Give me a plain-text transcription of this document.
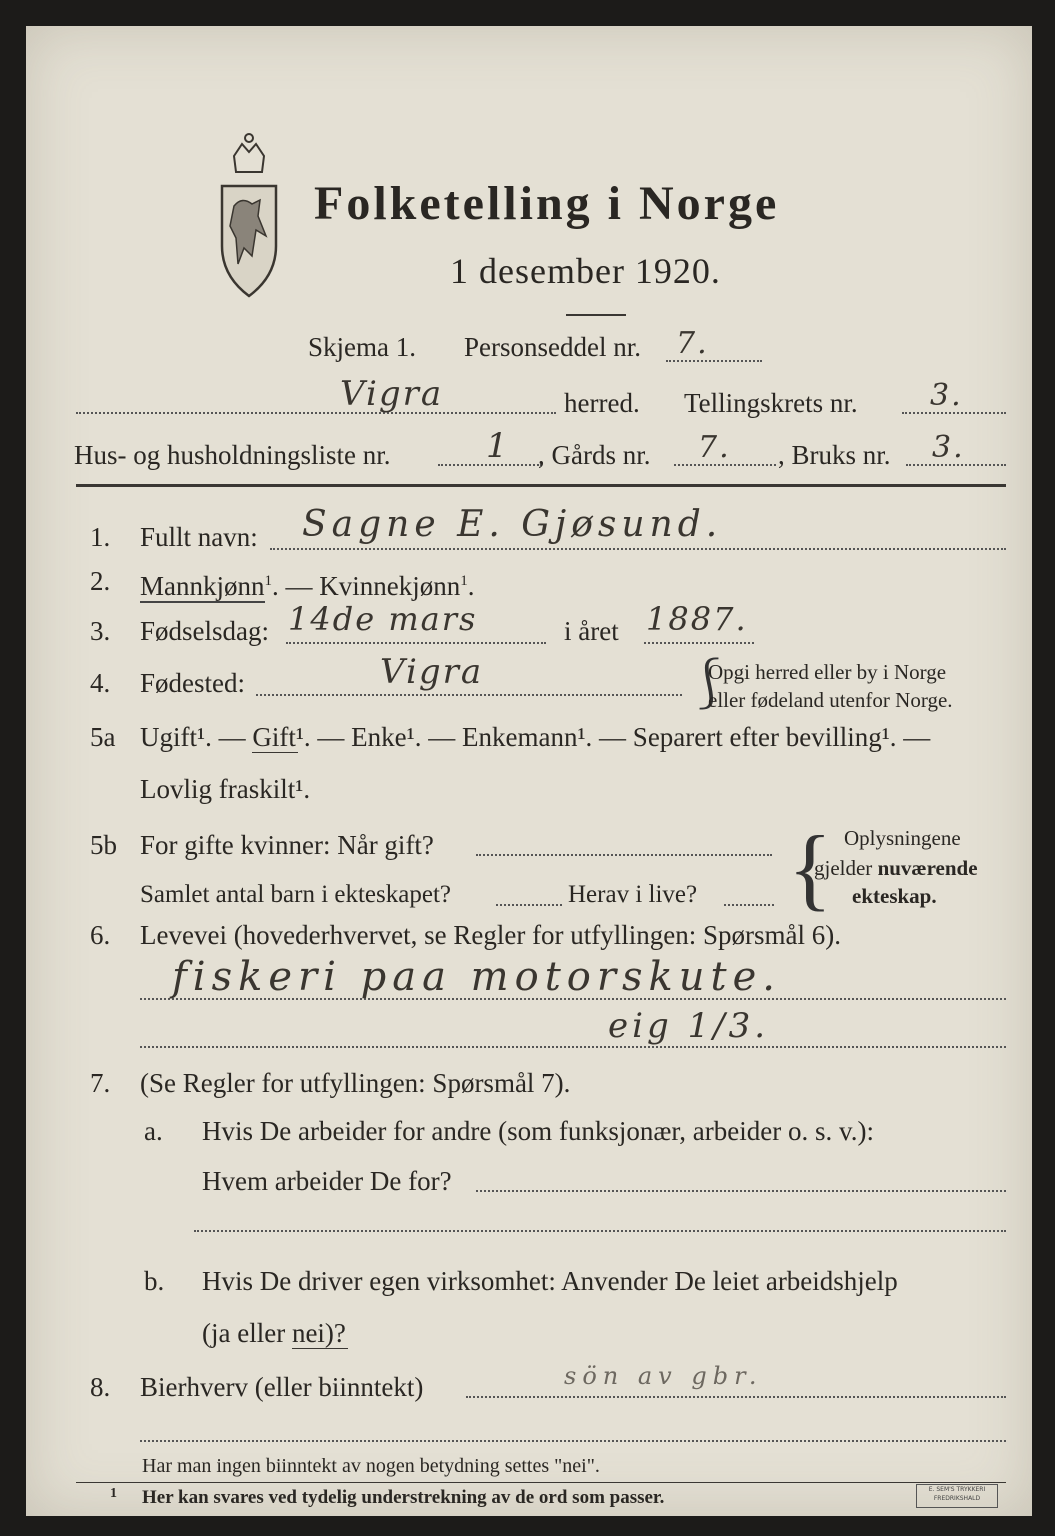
Folketelling i Norge
1 desember 1920.
Skjema 1. Personseddel nr. 7.
Vigra	herred. Tellingskrets nr. 3.
Hus- og husholdningsliste nr.	1 , Gårds nr. 7. , Bruks nr. 3.
1. Fullt navn: Sagne E. Gjøsund.
2. Mannkjønn$^1$. — Kvinnekjønn$^1$.
3. Fødselsdag: 14de mars	i året 1887.
4. Fødested:	Vigra	⎰
Opgi herred eller by i Norge
eller fødeland utenfor Norge.
5a Ugift¹. — Gift¹. — Enke¹. — Enkemann¹. — Separert efter bevilling¹. —
Lovlig fraskilt¹.
5b For gifte kvinner: Når gift?
Samlet antal barn i ekteskapet?	Herav i live? { Oplysningene
gjelder nuværende
ekteskap.
6. Levevei (hovederhvervet, se Regler for utfyllingen: Spørsmål 6).
fiskeri paa motorskute.
eig 1/3.
7. (Se Regler for utfyllingen: Spørsmål 7).
a. Hvis De arbeider for andre (som funksjonær, arbeider o. s. v.):
Hvem arbeider De for?
b. Hvis De driver egen virksomhet: Anvender De leiet arbeidshjelp
(ja eller nei)?
8. Bierhverv (eller biinntekt)	sön av gbr.
Har man ingen biinntekt av nogen betydning settes "nei".
1 Her kan svares ved tydelig understrekning av de ord som passer.	E. SEM'S TRYKKERI FREDRIKSHALD
